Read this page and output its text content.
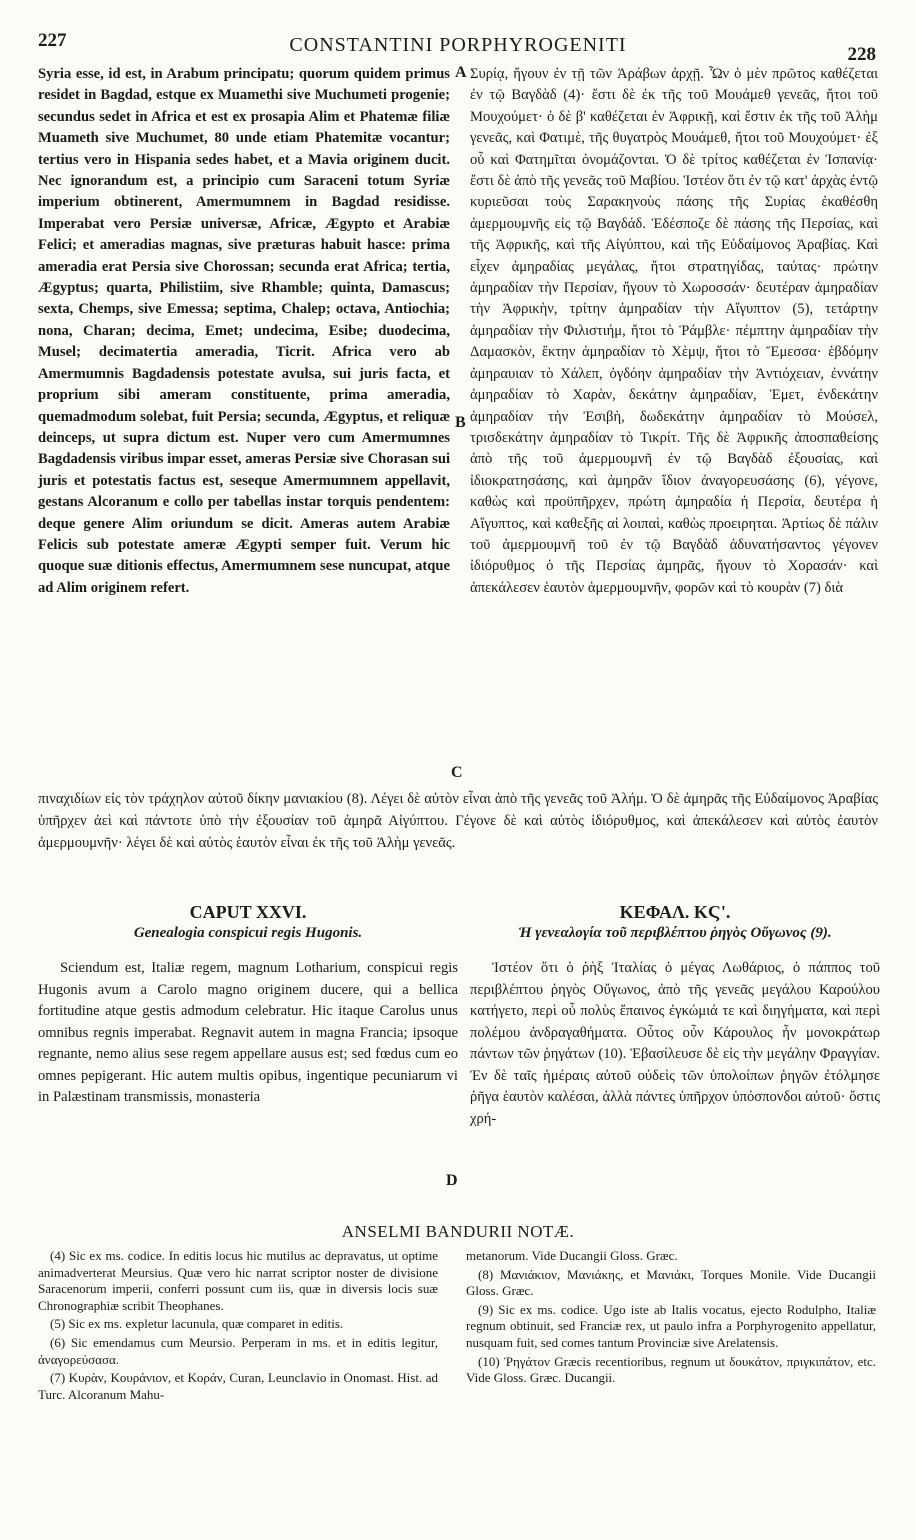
227	CONSTANTINI PORPHYROGENITI	228
Syria esse, id est, in Arabum principatu; quorum quidem primus residet in Bagdad, estque ex Muamethi sive Muchumeti progenie; secundus sedet in Africa et est ex prosapia Alim et Phatemæ filiæ Muameth sive Muchumet, 80 unde etiam Phatemitæ vocantur; tertius vero in Hispania sedes habet, et a Mavia originem ducit. Nec ignorandum est, a principio cum Saraceni totum Syriæ imperium obtinerent, Amermumnem in Bagdad residisse. Imperabat vero Persiæ universæ, Africæ, Ægypto et Arabiæ Felici; et ameradias magnas, sive præturas habuit hasce: prima ameradia erat Persia sive Chorossan; secunda erat Africa; tertia, Ægyptus; quarta, Philistiim, sive Rhamble; quinta, Damascus; sexta, Chemps, sive Emessa; septima, Chalep; octava, Antiochia; nona, Charan; decima, Emet; undecima, Esibe; duodecima, Musel; decimatertia ameradia, Ticrit. Africa vero ab Amermumnis Bagdadensis potestate avulsa, sui juris facta, et proprium sibi ameram constituente, prima ameradia, quemadmodum solebat, fuit Persia; secunda, Ægyptus, et reliquæ deinceps, ut supra dictum est. Nuper vero cum Amermumnes Bagdadensis viribus impar esset, ameras Persiæ sive Chorasan sui juris et potestatis factus est, seseque Amermumnem appellavit, gestans Alcoranum e collo per tabellas instar torquis pendentem: deque genere Alim oriundum se dicit. Ameras autem Arabiæ Felicis sub potestate ameræ Ægypti semper fuit. Verum hic quoque suæ ditionis effectus, Amermumnem sese nuncupat, atque ad Alim originem refert.
Συρίᾳ, ἤγουν ἐν τῇ τῶν Ἀράβων ἀρχῇ. Ὧν ὁ μὲν πρῶτος καθέζεται ἐν τῷ Βαγδὰδ (4)· ἔστι δὲ ἐκ τῆς τοῦ Μουάμεθ γενεᾶς, ἤτοι τοῦ Μουχούμετ· ὁ δὲ β' καθέζεται ἐν Ἀφρικῇ, καὶ ἔστιν ἐκ τῆς τοῦ Ἀλὴμ γενεᾶς, καὶ Φατιμὲ, τῆς θυγατρὸς Μουάμεθ, ἤτοι τοῦ Μουχούμετ· ἐξ οὗ καὶ Φατημῖται ὀνομάζονται. Ὁ δὲ τρίτος καθέζεται ἐν Ἰσπανίᾳ· ἔστι δὲ ἀπὸ τῆς γενεᾶς τοῦ Μαβίου. Ἰστέον ὅτι ἐν τῷ κατ' ἀρχὰς ἐντῷ κυριεῦσαι τοὺς Σαρακηνοὺς πάσης τῆς Συρίας ἐκαθέσθη ἀμερμουμνῆς εἰς τῷ Βαγδάδ. Ἐδέσποζε δὲ πάσης τῆς Περσίας, καὶ τῆς Ἀφρικῆς, καὶ τῆς Αἰγύπτου, καὶ τῆς Εὐδαίμονος Ἀραβίας. Καὶ εἶχεν ἀμηραδίας μεγάλας, ἤτοι στρατηγίδας, ταύτας· πρώτην ἀμηραδίαν τὴν Περσίαν, ἤγουν τὸ Χωροσσάν· δευτέραν ἀμηραδίαν τὴν Ἀφρικὴν, τρίτην ἀμηραδίαν τὴν Αἴγυπτον (5), τετάρτην ἀμηραδίαν τὴν Φιλιστιήμ, ἤτοι τὸ Ῥάμβλε· πέμπτην ἀμηραδίαν τὴν Δαμασκὸν, ἕκτην ἀμηραδίαν τὸ Χὲμψ, ἤτοι τὸ Ἔμεσσα· ἑβδόμην ἀμηραυιαν τὸ Χάλεπ, ὀγδόην ἀμηραδίαν τὴν Ἀντιόχειαν, ἐννάτην ἀμηραδίαν τὸ Χαρὰν, δεκάτην ἀμηραδίαν, Ἐμετ, ἐνδεκάτην ἀμηραδίαν τὴν Ἐσιβὴ, δωδεκάτην ἀμηραδίαν τὸ Μούσελ, τρισδεκάτην ἀμηραδίαν τὸ Τικρίτ. Τῆς δὲ Ἀφρικῆς ἀποσπαθείσης ἀπὸ τῆς τοῦ ἀμερμουμνῆ ἐν τῷ Βαγδὰδ ἐξουσίας, καὶ ἰδιοκρατησάσης, καὶ ἀμηρᾶν ἴδιον ἀναγορευσάσης (6), γέγονε, καθὼς καὶ προϋπῆρχεν, πρώτη ἀμηραδία ἡ Περσία, δευτέρα ἡ Αἴγυπτος, καὶ καθεξῆς αἱ λοιπαὶ, καθὼς προειρηται. Ἀρτίως δὲ πάλιν τοῦ ἀμερμουμνῆ τοῦ ἐν τῷ Βαγδὰδ ἀδυνατήσαντος γέγονεν ἰδιόρυθμος ὁ τῆς Περσίας ἀμηρᾶς, ἤγουν τὸ Χορασάν· καὶ ἀπεκάλεσεν ἑαυτὸν ἀμερμουμνῆν, φορῶν καὶ τὸ κουρὰν (7) διὰ
A
B
C
D
πιναχιδίων εἰς τὸν τράχηλον αὐτοῦ δίκην μανιακίου (8). Λέγει δὲ αὐτὸν εἶναι ἀπὸ τῆς γενεᾶς τοῦ Ἀλήμ. Ὁ δὲ ἀμηρᾶς τῆς Εὐδαίμονος Ἀραβίας ὑπῆρχεν ἀεὶ καὶ πάντοτε ὑπὸ τὴν ἐξουσίαν τοῦ ἀμηρᾶ Αἰγύπτου. Γέγονε δὲ καὶ αὐτὸς ἰδιόρυθμος, καὶ ἀπεκάλεσεν καὶ αὐτὸς ἑαυτὸν ἀμερμουμνῆν· λέγει δὲ καὶ αὐτὸς ἑαυτὸν εἶναι ἐκ τῆς τοῦ Ἀλὴμ γενεᾶς.
CAPUT XXVI.
Genealogia conspicui regis Hugonis.
Sciendum est, Italiæ regem, magnum Lotharium, conspicui regis Hugonis avum a Carolo magno originem ducere, qui a bellica fortitudine atque gestis admodum celebratur. Hic itaque Carolus unus omnibus regnis imperabat. Regnavit autem in magna Francia; ipsoque regnante, nemo alius sese regem appellare ausus est; sed fœdus cum eo omnes pepigerant. Hic autem multis opibus, ingentique pecuniarum vi in Palæstinam transmissis, monasteria
ΚΕΦΑΛ. ΚϚ'.
Ἡ γενεαλογία τοῦ περιβλέπτου ῥηγὸς Οὔγωνος (9).
Ἰστέον ὅτι ὁ ῥὴξ Ἰταλίας ὁ μέγας Λωθάριος, ὁ πάππος τοῦ περιβλέπτου ῥηγὸς Οὔγωνος, ἀπὸ τῆς γενεᾶς μεγάλου Καρούλου κατήγετο, περὶ οὗ πολὺς ἔπαινος ἐγκώμιά τε καὶ διηγήματα, καὶ περὶ πολέμου ἀνδραγαθήματα. Οὗτος οὖν Κάρουλος ἦν μονοκράτωρ πάντων τῶν ῥηγάτων (10). Ἐβασίλευσε δὲ εἰς τὴν μεγάλην Φραγγίαν. Ἐν δὲ ταῖς ἡμέραις αὐτοῦ οὐδεὶς τῶν ὑπολοίπων ῥηγῶν ἐτόλμησε ῥῆγα ἑαυτὸν καλέσαι, ἀλλὰ πάντες ὑπῆρχον ὑπόσπονδοι αὐτοῦ· ὅστις χρή-
ANSELMI BANDURII NOTÆ.

(4) Sic ex ms. codice. In editis locus hic mutilus ac depravatus, ut optime animadverterat Meursius. Quæ vero hic narrat scriptor noster de divisione Saracenorum imperii, conferri possunt cum iis, quæ in diversis locis suæ Chronographiæ scribit Theophanes.

(5) Sic ex ms. expletur lacunula, quæ comparet in editis.

(6) Sic emendamus cum Meursio. Perperam in ms. et in editis legitur, ἀναγορεύσασα.

(7) Κυρὰν, Κουράνιον, et Κοράν, Curan, Leunclavio in Onomast. Hist. ad Turc. Alcoranum Mahu-

metanorum. Vide Ducangii Gloss. Græc.

(8) Μανιάκιον, Μανιάκης, et Μανιάκι, Torques Monile. Vide Ducangii Gloss. Græc.

(9) Sic ex ms. codice. Ugo iste ab Italis vocatus, ejecto Rodulpho, Italiæ regnum obtinuit, sed Franciæ rex, ut paulo infra a Porphyrogenito appellatur, nusquam fuit, sed comes tantum Provinciæ sive Arelatensis.

(10) Ῥηγάτον Græcis recentioribus, regnum ut δουκάτον, πριγκιπάτον, etc. Vide Gloss. Græc. Ducangii.
